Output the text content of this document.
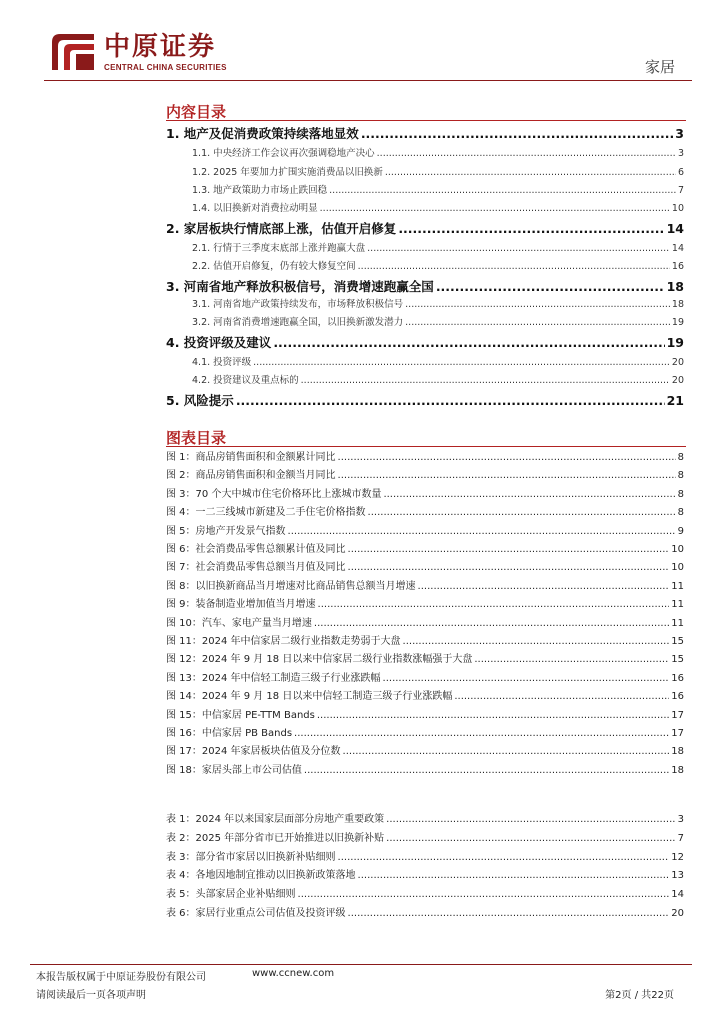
中原证券
CENTRAL CHINA SECURITIES	家居
内容目录
1. 地产及促消费政策持续落地显效 .....	3
1.1. 中央经济工作会议再次强调稳地产决心 .....	3
1.2. 2025 年要加力扩围实施消费品以旧换新 .....	6
1.3. 地产政策助力市场止跌回稳 .....	7
1.4. 以旧换新对消费拉动明显 .....	10
2. 家居板块行情底部上涨，估值开启修复 .....	14
2.1. 行情于三季度末底部上涨并跑赢大盘 .....	14
2.2. 估值开启修复，仍有较大修复空间 .....	16
3. 河南省地产释放积极信号，消费增速跑赢全国 .....	18
3.1. 河南省地产政策持续发布，市场释放积极信号 .....	18
3.2. 河南省消费增速跑赢全国，以旧换新激发潜力 .....	19
4. 投资评级及建议 .....	19
4.1. 投资评级 .....	20
4.2. 投资建议及重点标的 .....	20
5. 风险提示 .....	21
图表目录
图 1：商品房销售面积和金额累计同比 .....	8
图 2：商品房销售面积和金额当月同比 .....	8
图 3：70 个大中城市住宅价格环比上涨城市数量 .....	8
图 4：一二三线城市新建及二手住宅价格指数 .....	8
图 5：房地产开发景气指数 .....	9
图 6：社会消费品零售总额累计值及同比 .....	10
图 7：社会消费品零售总额当月值及同比 .....	10
图 8：以旧换新商品当月增速对比商品销售总额当月增速 .....	11
图 9：装备制造业增加值当月增速 .....	11
图 10：汽车、家电产量当月增速 .....	11
图 11：2024 年中信家居二级行业指数走势弱于大盘 .....	15
图 12：2024 年 9 月 18 日以来中信家居二级行业指数涨幅强于大盘 .....	15
图 13：2024 年中信轻工制造三级子行业涨跌幅 .....	16
图 14：2024 年 9 月 18 日以来中信轻工制造三级子行业涨跌幅 .....	16
图 15：中信家居 PE-TTM Bands .....	17
图 16：中信家居 PB Bands .....	17
图 17：2024 年家居板块估值及分位数 .....	18
图 18：家居头部上市公司估值 .....	18
表 1：2024 年以来国家层面部分房地产重要政策 .....	3
表 2：2025 年部分省市已开始推进以旧换新补贴 .....	7
表 3：部分省市家居以旧换新补贴细则 .....	12
表 4：各地因地制宜推动以旧换新政策落地 .....	13
表 5：头部家居企业补贴细则 .....	14
表 6：家居行业重点公司估值及投资评级 .....	20
本报告版权属于中原证券股份有限公司	www.ccnew.com
请阅读最后一页各项声明	第2页 / 共22页
